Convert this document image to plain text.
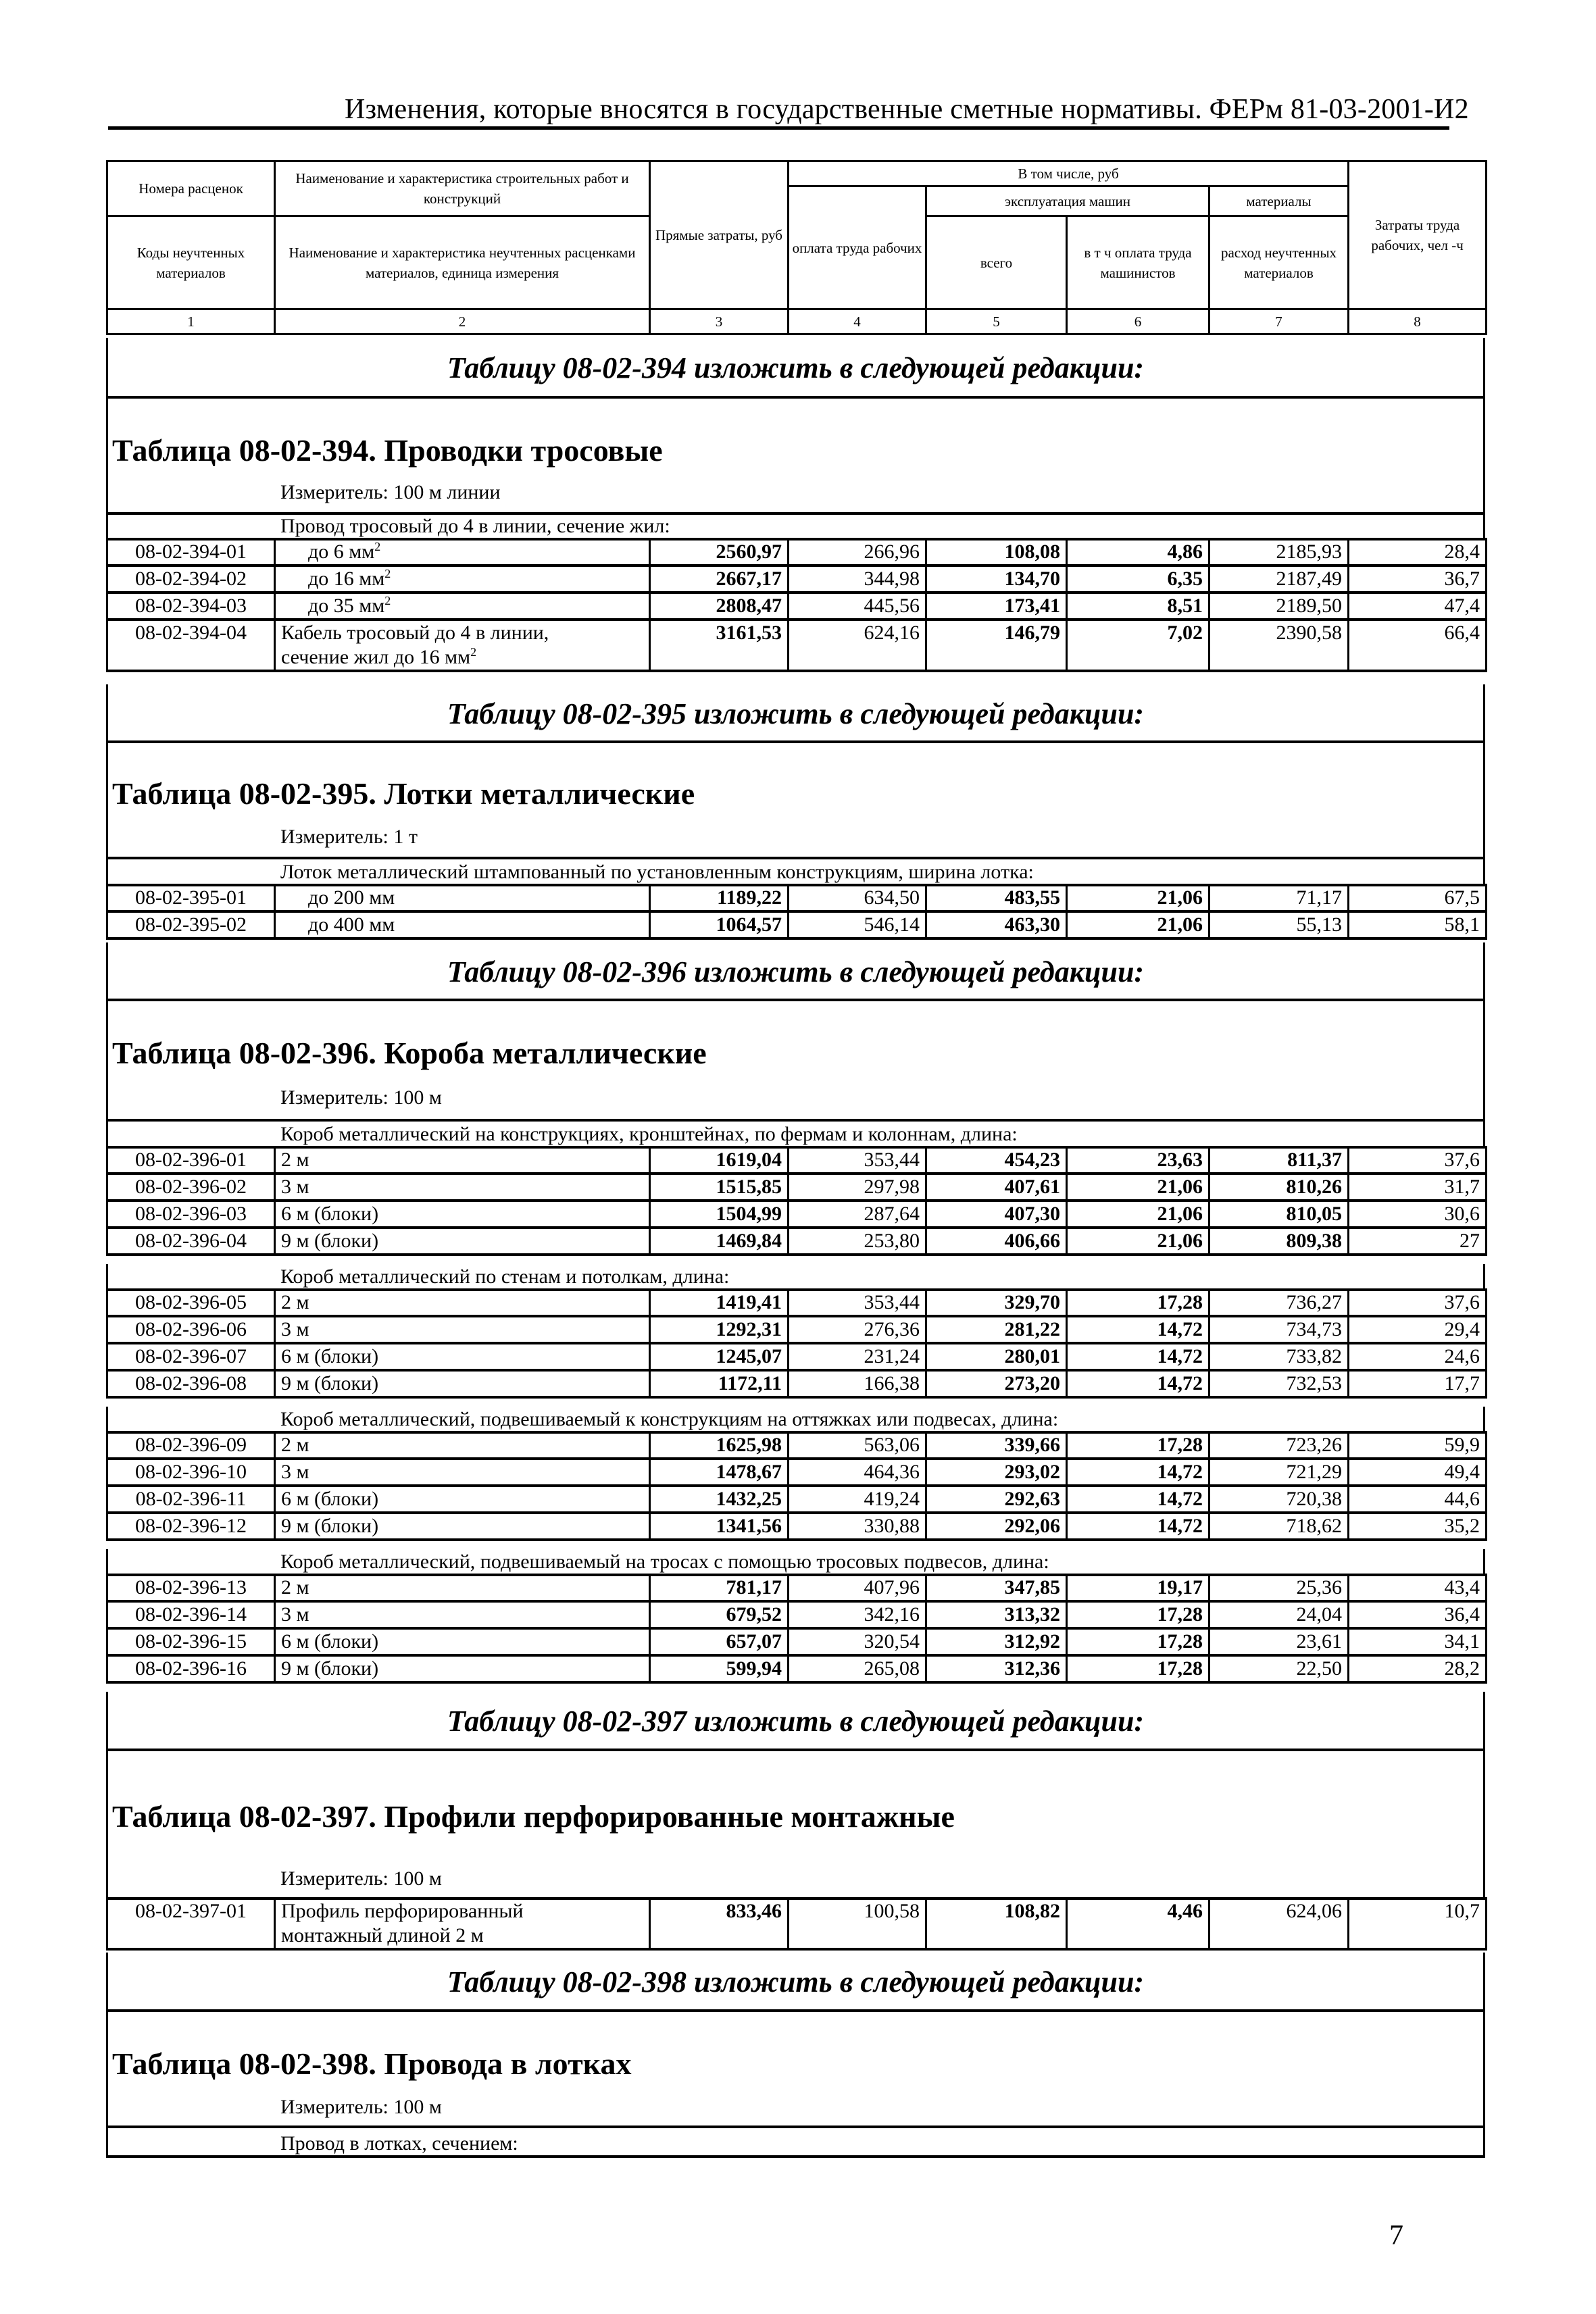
Изменения, которые вносятся в государственные сметные нормативы. ФЕРм 81-03-2001-И2
Номера расценок	Наименование и характеристика строительных работ и конструкций	Прямые затраты, руб	В том числе, руб				Затраты труда рабочих, чел -ч
			оплата труда рабочих	эксплуатация машин		материалы	
Коды неучтенных материалов	Наименование и характеристика неучтенных расценками материалов, единица измерения			всего	в т ч оплата труда машинистов	расход неучтенных материалов	

1	2	3	4	5	6	7	8
Таблицу 08-02-394 изложить в следующей редакции:
Таблица 08-02-394. Проводки тросовые
Измеритель: 100 м линии
Провод тросовый до 4 в линии, сечение жил:
08-02-394-01	до 6 $мм^2$	2560,97	266,96	108,08	4,86	2185,93	28,4
08-02-394-02	до 16 $мм^2$	2667,17	344,98	134,70	6,35	2187,49	36,7
08-02-394-03	до 35 $мм^2$	2808,47	445,56	173,41	8,51	2189,50	47,4
08-02-394-04	Кабель тросовый до 4 в линии,
сечение жил до 16 $мм^2$	3161,53	624,16	146,79	7,02	2390,58	66,4
Таблицу 08-02-395 изложить в следующей редакции:
Таблица 08-02-395. Лотки металлические
Измеритель: 1 т
Лоток металлический штампованный по установленным конструкциям, ширина лотка:
08-02-395-01	до 200 мм	1189,22	634,50	483,55	21,06	71,17	67,5
08-02-395-02	до 400 мм	1064,57	546,14	463,30	21,06	55,13	58,1
Таблицу 08-02-396 изложить в следующей редакции:
Таблица 08-02-396. Короба металлические
Измеритель: 100 м
Короб металлический на конструкциях, кронштейнах, по фермам и колоннам, длина:
08-02-396-01	2 м	1619,04	353,44	454,23	23,63	811,37	37,6
08-02-396-02	3 м	1515,85	297,98	407,61	21,06	810,26	31,7
08-02-396-03	6 м (блоки)	1504,99	287,64	407,30	21,06	810,05	30,6
08-02-396-04	9 м (блоки)	1469,84	253,80	406,66	21,06	809,38	27
Короб металлический по стенам и потолкам, длина:
08-02-396-05	2 м	1419,41	353,44	329,70	17,28	736,27	37,6
08-02-396-06	3 м	1292,31	276,36	281,22	14,72	734,73	29,4
08-02-396-07	6 м (блоки)	1245,07	231,24	280,01	14,72	733,82	24,6
08-02-396-08	9 м (блоки)	1172,11	166,38	273,20	14,72	732,53	17,7
Короб металлический, подвешиваемый к конструкциям на оттяжках или подвесах, длина:
08-02-396-09	2 м	1625,98	563,06	339,66	17,28	723,26	59,9
08-02-396-10	3 м	1478,67	464,36	293,02	14,72	721,29	49,4
08-02-396-11	6 м (блоки)	1432,25	419,24	292,63	14,72	720,38	44,6
08-02-396-12	9 м (блоки)	1341,56	330,88	292,06	14,72	718,62	35,2
Короб металлический, подвешиваемый на тросах с помощью тросовых подвесов, длина:
08-02-396-13	2 м	781,17	407,96	347,85	19,17	25,36	43,4
08-02-396-14	3 м	679,52	342,16	313,32	17,28	24,04	36,4
08-02-396-15	6 м (блоки)	657,07	320,54	312,92	17,28	23,61	34,1
08-02-396-16	9 м (блоки)	599,94	265,08	312,36	17,28	22,50	28,2
Таблицу 08-02-397 изложить в следующей редакции:
Таблица 08-02-397. Профили перфорированные монтажные
Измеритель: 100 м
08-02-397-01	Профиль перфорированный
монтажный длиной 2 м	833,46	100,58	108,82	4,46	624,06	10,7
Таблицу 08-02-398 изложить в следующей редакции:
Таблица 08-02-398. Провода в лотках
Измеритель: 100 м
Провод в лотках, сечением:
7
